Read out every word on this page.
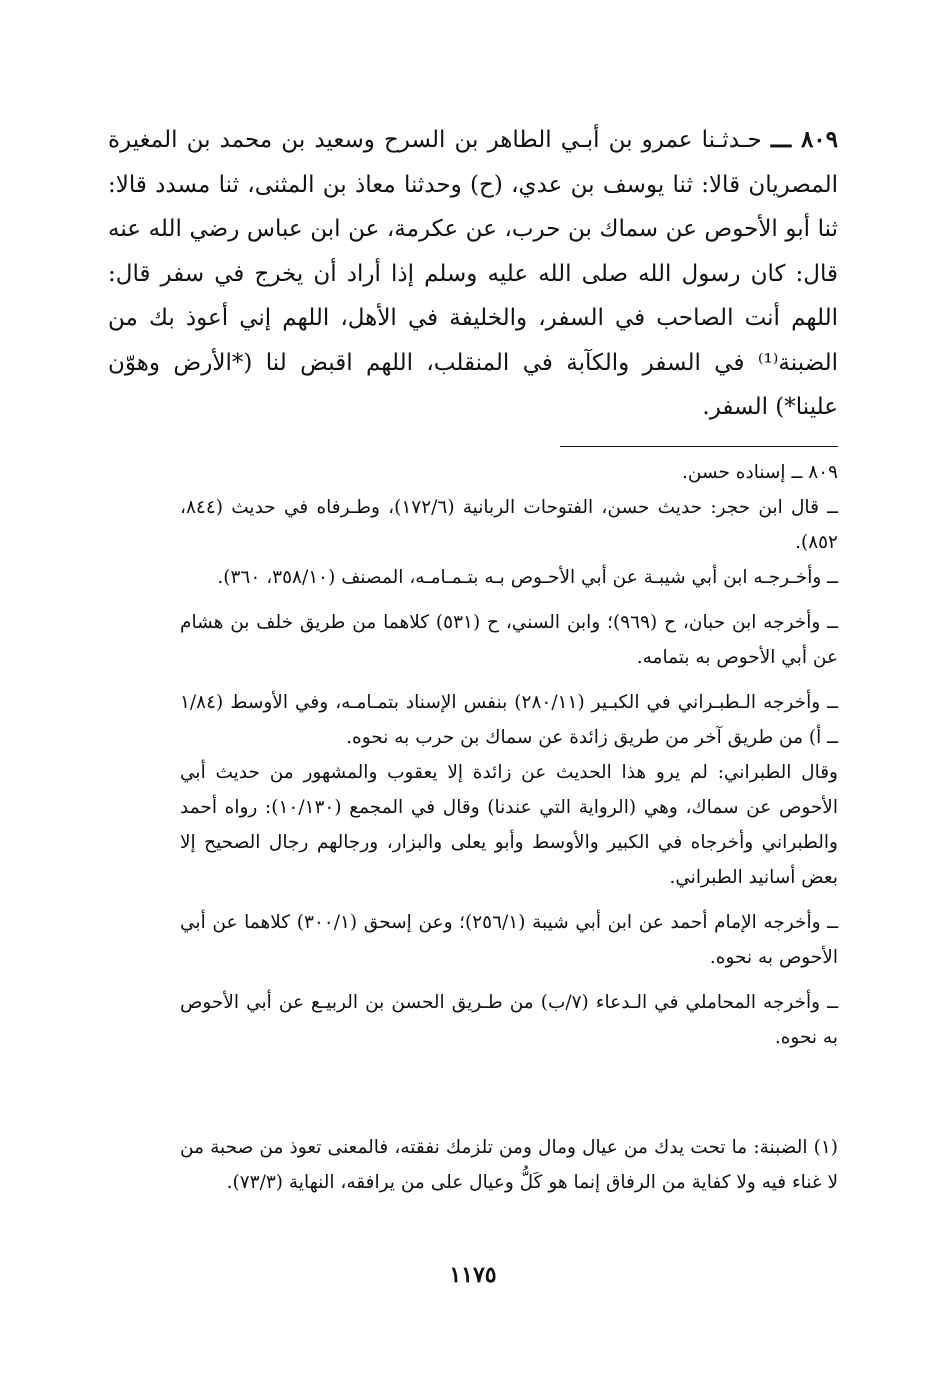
٨٠٩ ـــ حـدثـنا عمرو بن أبـي الطاهر بن السرح وسعيد بن محمد بن المغيرة المصريان قالا: ثنا يوسف بن عدي، (ح) وحدثنا معاذ بن المثنى، ثنا مسدد قالا: ثنا أبو الأحوص عن سماك بن حرب، عن عكرمة، عن ابن عباس رضي الله عنه قال: كان رسول الله صلى الله عليه وسلم إذا أراد أن يخرج في سفر قال: اللهم أنت الصاحب في السفر، والخليفة في الأهل، اللهم إني أعوذ بك من الضبنة⁽¹⁾ في السفر والكآبة في المنقلب، اللهم اقبض لنا (*الأرض وهوّن علينا*) السفر.

٨٠٩ ــ إسناده حسن.

ــ قال ابن حجر: حديث حسن، الفتوحات الربانية (١٧٢/٦)، وطـرفاه في حديث (٨٤٤، ٨٥٢).

ــ وأخـرجـه ابن أبي شيبـة عن أبي الأحـوص بـه بتـمـامـه، المصنف (٣٥٨/١٠، ٣٦٠).

ــ وأخرجه ابن حبان، ح (٩٦٩)؛ وابن السني، ح (٥٣١) كلاهما من طريق خلف بن هشام عن أبي الأحوص به بتمامه.

ــ وأخرجه الـطبـراني في الكبـير (٢٨٠/١١) بنفس الإسناد بتمـامـه، وفي الأوسط (١/٨٤ ــ أ) من طريق آخر من طريق زائدة عن سماك بن حرب به نحوه.

وقال الطبراني: لم يرو هذا الحديث عن زائدة إلا يعقوب والمشهور من حديث أبي الأحوص عن سماك، وهي (الرواية التي عندنا) وقال في المجمع (١٠/١٣٠): رواه أحمد والطبراني وأخرجاه في الكبير والأوسط وأبو يعلى والبزار، ورجالهم رجال الصحيح إلا بعض أسانيد الطبراني.

ــ وأخرجه الإمام أحمد عن ابن أبي شيبة (٢٥٦/١)؛ وعن إسحق (٣٠٠/١) كلاهما عن أبي الأحوص به نحوه.

ــ وأخرجه المحاملي في الـدعاء (٧/ب) من طـريق الحسن بن الربيـع عن أبي الأحوص به نحوه.

(١) الضبنة: ما تحت يدك من عيال ومال ومن تلزمك نفقته، فالمعنى تعوذ من صحبة من لا غناء فيه ولا كفاية من الرفاق إنما هو كَلُّ وعيال على من يرافقه، النهاية (٧٣/٣).
١١٧٥
